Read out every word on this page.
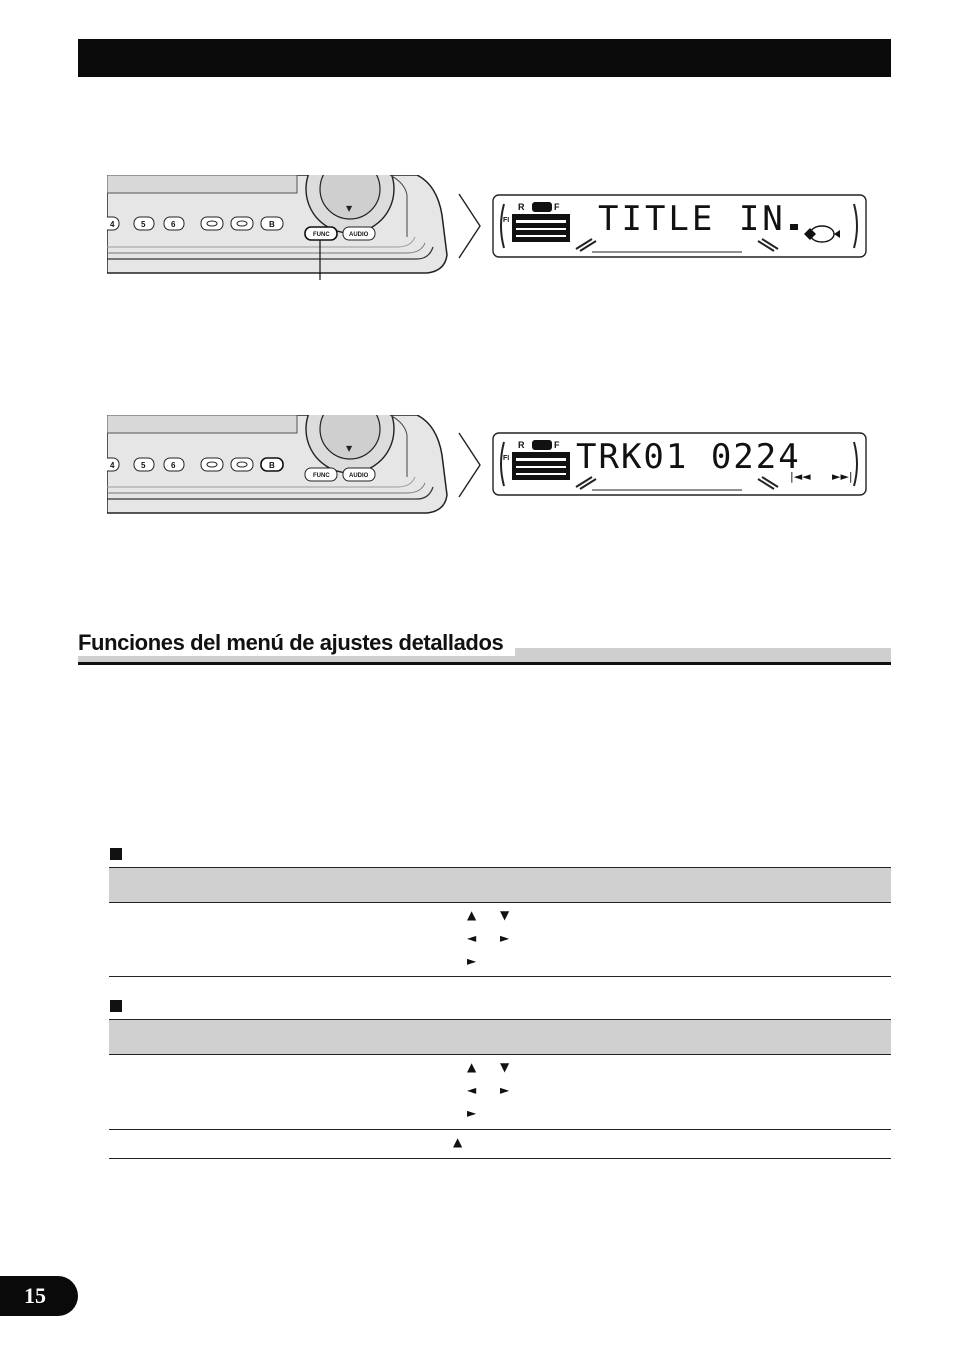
▼
4	5	6	B
FUNC	AUDIO
R	F
FI	TITLE IN
▼
4	5	6	B
FUNC	AUDIO
R	F
FI TRK01 0224
|◄◄ ►►|
Funciones del menú de ajustes detallados
▲ ▼
◄ ►
►
▲ ▼
◄ ►
►
▲
15
